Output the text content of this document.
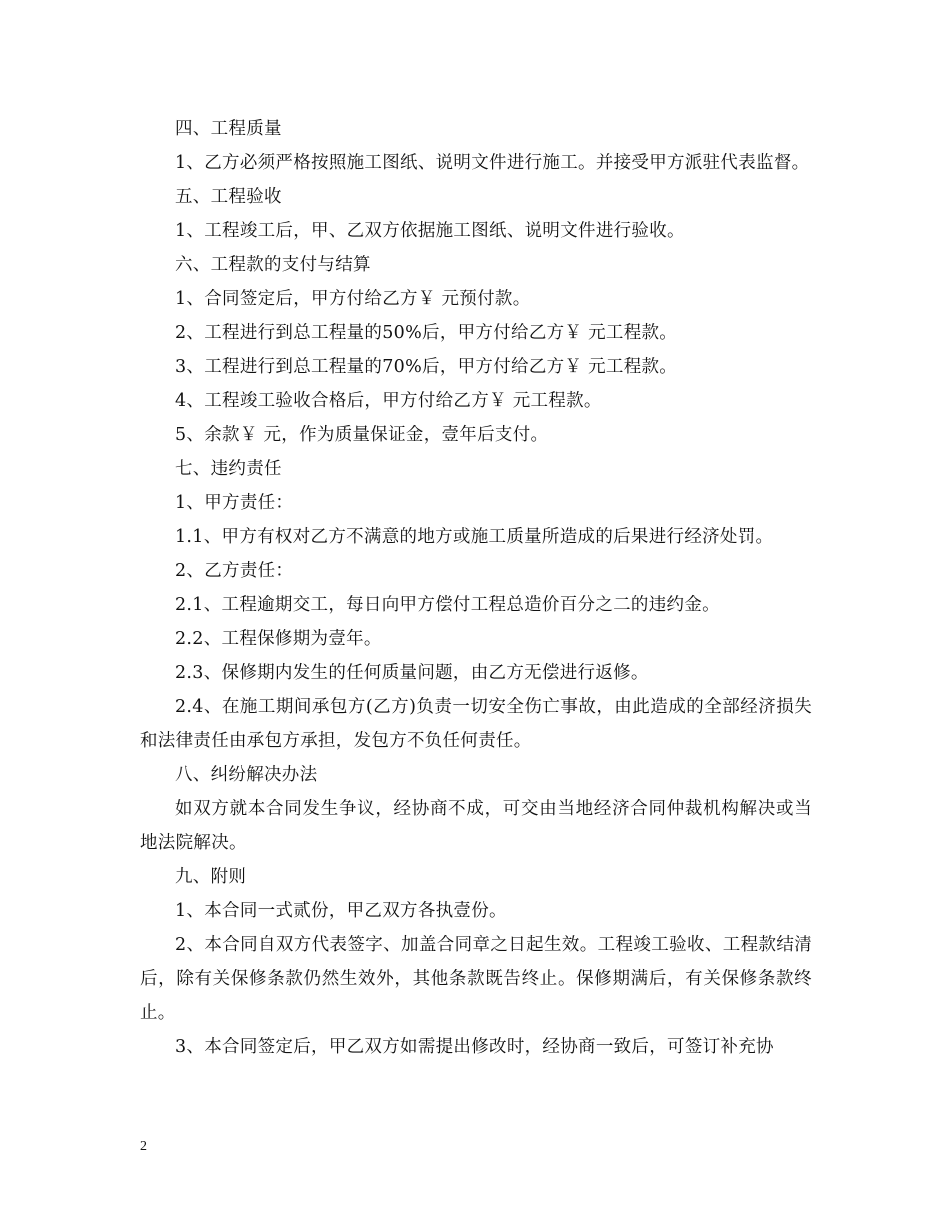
四、工程质量

1、乙方必须严格按照施工图纸、说明文件进行施工。并接受甲方派驻代表监督。

五、工程验收

1、工程竣工后，甲、乙双方依据施工图纸、说明文件进行验收。

六、工程款的支付与结算

1、合同签定后，甲方付给乙方￥ 元预付款。

2、工程进行到总工程量的50%后，甲方付给乙方￥ 元工程款。

3、工程进行到总工程量的70%后，甲方付给乙方￥ 元工程款。

4、工程竣工验收合格后，甲方付给乙方￥ 元工程款。

5、余款￥ 元，作为质量保证金，壹年后支付。

七、违约责任

1、甲方责任：

1.1、甲方有权对乙方不满意的地方或施工质量所造成的后果进行经济处罚。

2、乙方责任：

2.1、工程逾期交工，每日向甲方偿付工程总造价百分之二的违约金。

2.2、工程保修期为壹年。

2.3、保修期内发生的任何质量问题，由乙方无偿进行返修。

2.4、在施工期间承包方(乙方)负责一切安全伤亡事故，由此造成的全部经济损失和法律责任由承包方承担，发包方不负任何责任。

八、纠纷解决办法

如双方就本合同发生争议，经协商不成，可交由当地经济合同仲裁机构解决或当地法院解决。

九、附则

1、本合同一式贰份，甲乙双方各执壹份。

2、本合同自双方代表签字、加盖合同章之日起生效。工程竣工验收、工程款结清后，除有关保修条款仍然生效外，其他条款既告终止。保修期满后，有关保修条款终止。

3、本合同签定后，甲乙双方如需提出修改时，经协商一致后，可签订补充协

2
